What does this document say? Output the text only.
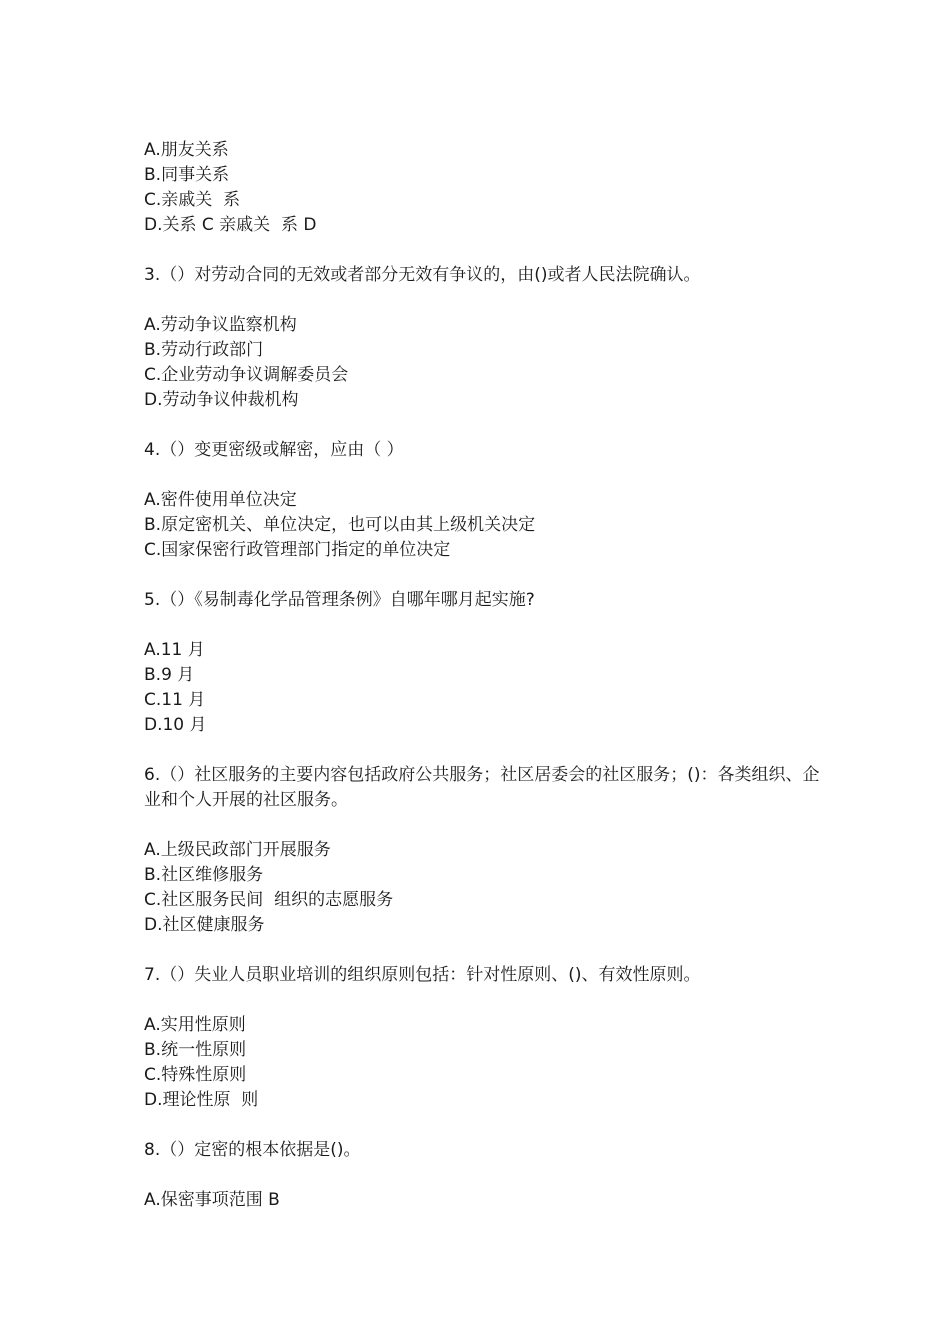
A.朋友关系
B.同事关系
C.亲戚关  系
D.关系 C 亲戚关  系 D
3.（）对劳动合同的无效或者部分无效有争议的，由()或者人民法院确认。
A.劳动争议监察机构
B.劳动行政部门
C.企业劳动争议调解委员会
D.劳动争议仲裁机构
4.（）变更密级或解密，应由（ ）
A.密件使用单位决定
B.原定密机关、单位决定，也可以由其上级机关决定
C.国家保密行政管理部门指定的单位决定
5.（）《易制毒化学品管理条例》自哪年哪月起实施?
A.11 月
B.9 月
C.11 月
D.10 月
6.（）社区服务的主要内容包括政府公共服务；社区居委会的社区服务；()：各类组织、企业和个人开展的社区服务。
A.上级民政部门开展服务
B.社区维修服务
C.社区服务民间  组织的志愿服务
D.社区健康服务
7.（）失业人员职业培训的组织原则包括：针对性原则、()、有效性原则。
A.实用性原则
B.统一性原则
C.特殊性原则
D.理论性原  则
8.（）定密的根本依据是()。
A.保密事项范围 B
